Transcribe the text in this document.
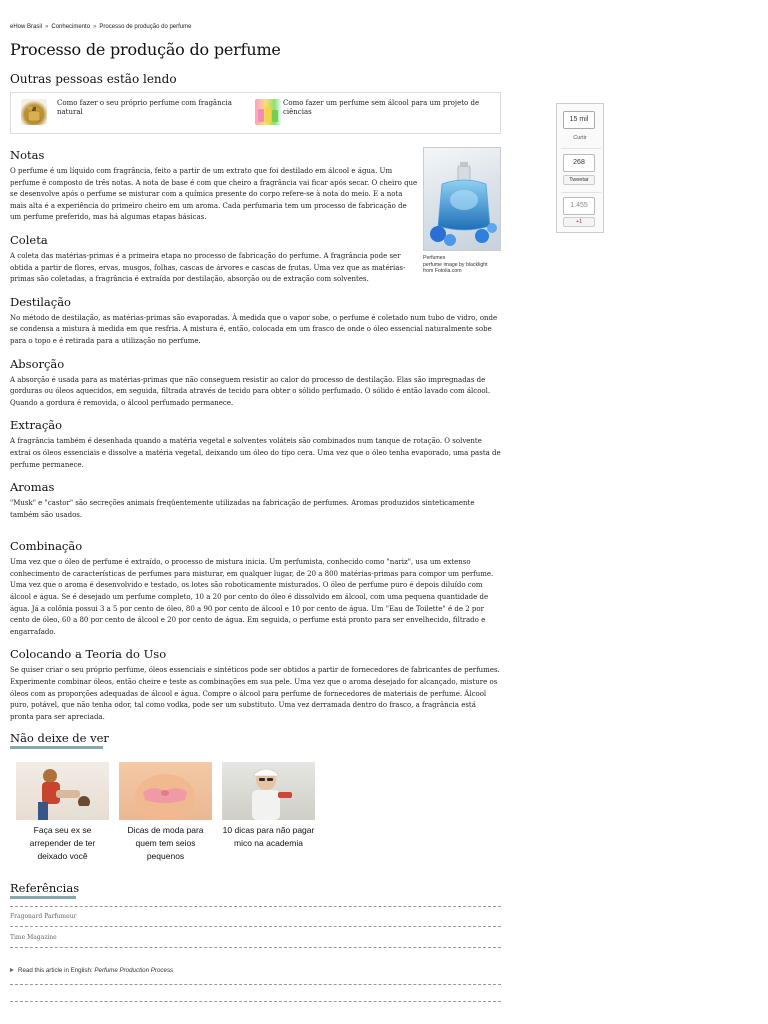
eHow Brasil » Conhecimento » Processo de produção do perfume
Processo de produção do perfume
Outras pessoas estão lendo
Como fazer o seu próprio perfume com fragância natural
Como fazer um perfume sem álcool para um projeto de ciências
15 mil
Curtir
268
Tweetar
1.455
+1
Perfumes
perfume image by blacklight
from Fotolia.com
Notas

O perfume é um líquido com fragrância, feito a partir de um extrato que foi destilado em álcool e água. Um perfume é composto de três notas. A nota de base é com que cheiro a fragrância vai ficar após secar. O cheiro que se desenvolve após o perfume se misturar com a química presente do corpo refere-se à nota do meio. E a nota mais alta é a experiência do primeiro cheiro em um aroma. Cada perfumaria tem um processo de fabricação de um perfume preferido, mas há algumas etapas básicas.

Coleta

A coleta das matérias-primas é a primeira etapa no processo de fabricação do perfume. A fragrância pode ser obtida a partir de flores, ervas, musgos, folhas, cascas de árvores e cascas de frutas. Uma vez que as matérias-primas são coletadas, a fragrância é extraída por destilação, absorção ou de extração com solventes.

Destilação

No método de destilação, as matérias-primas são evaporadas. À medida que o vapor sobe, o perfume é coletado num tubo de vidro, onde se condensa a mistura à medida em que resfria. A mistura é, então, colocada em um frasco de onde o óleo essencial naturalmente sobe para o topo e é retirada para a utilização no perfume.

Absorção

A absorção é usada para as matérias-primas que não conseguem resistir ao calor do processo de destilação. Elas são impregnadas de gorduras ou óleos aquecidos, em seguida, filtrada através de tecido para obter o sólido perfumado. O sólido é então lavado com álcool. Quando a gordura é removida, o álcool perfumado permanece.

Extração

A fragrância também é desenhada quando a matéria vegetal e solventes voláteis são combinados num tanque de rotação. O solvente extrai os óleos essenciais e dissolve a matéria vegetal, deixando um óleo do tipo cera. Uma vez que o óleo tenha evaporado, uma pasta de perfume permanece.

Aromas

"Musk" e "castor" são secreções animais freqüentemente utilizadas na fabricação de perfumes. Aromas produzidos sinteticamente também são usados.

Combinação

Uma vez que o óleo de perfume é extraído, o processo de mistura inicia. Um perfumista, conhecido como "nariz", usa um extenso conhecimento de características de perfumes para misturar, em qualquer lugar, de 20 a 800 matérias-primas para compor um perfume. Uma vez que o aroma é desenvolvido e testado, os lotes são roboticamente misturados. O óleo de perfume puro é depois diluído com álcool e água. Se é desejado um perfume completo, 10 a 20 por cento do óleo é dissolvido em álcool, com uma pequena quantidade de água. Já a colônia possui 3 a 5 por cento de óleo, 80 a 90 por cento de álcool e 10 por cento de água. Um "Eau de Toilette" é de 2 por cento de óleo, 60 a 80 por cento de álcool e 20 por cento de água. Em seguida, o perfume está pronto para ser envelhecido, filtrado e engarrafado.

Colocando a Teoria do Uso

Se quiser criar o seu próprio perfume, óleos essenciais e sintéticos pode ser obtidos a partir de fornecedores de fabricantes de perfumes. Experimente combinar óleos, então cheire e teste as combinações em sua pele. Uma vez que o aroma desejado for alcançado, misture os óleos com as proporções adequadas de álcool e água. Compre o álcool para perfume de fornecedores de materiais de perfume. Álcool puro, potável, que não tenha odor, tal como vodka, pode ser um substituto. Uma vez derramada dentro do frasco, a fragrância está pronta para ser apreciada.

Não deixe de ver
Faça seu ex se arrepender de ter deixado você
Dicas de moda para quem tem seios pequenos
10 dicas para não pagar mico na academia
Referências
Fragonard Parfumeur
Time Magazine
Read this article in English: Perfume Production Process
